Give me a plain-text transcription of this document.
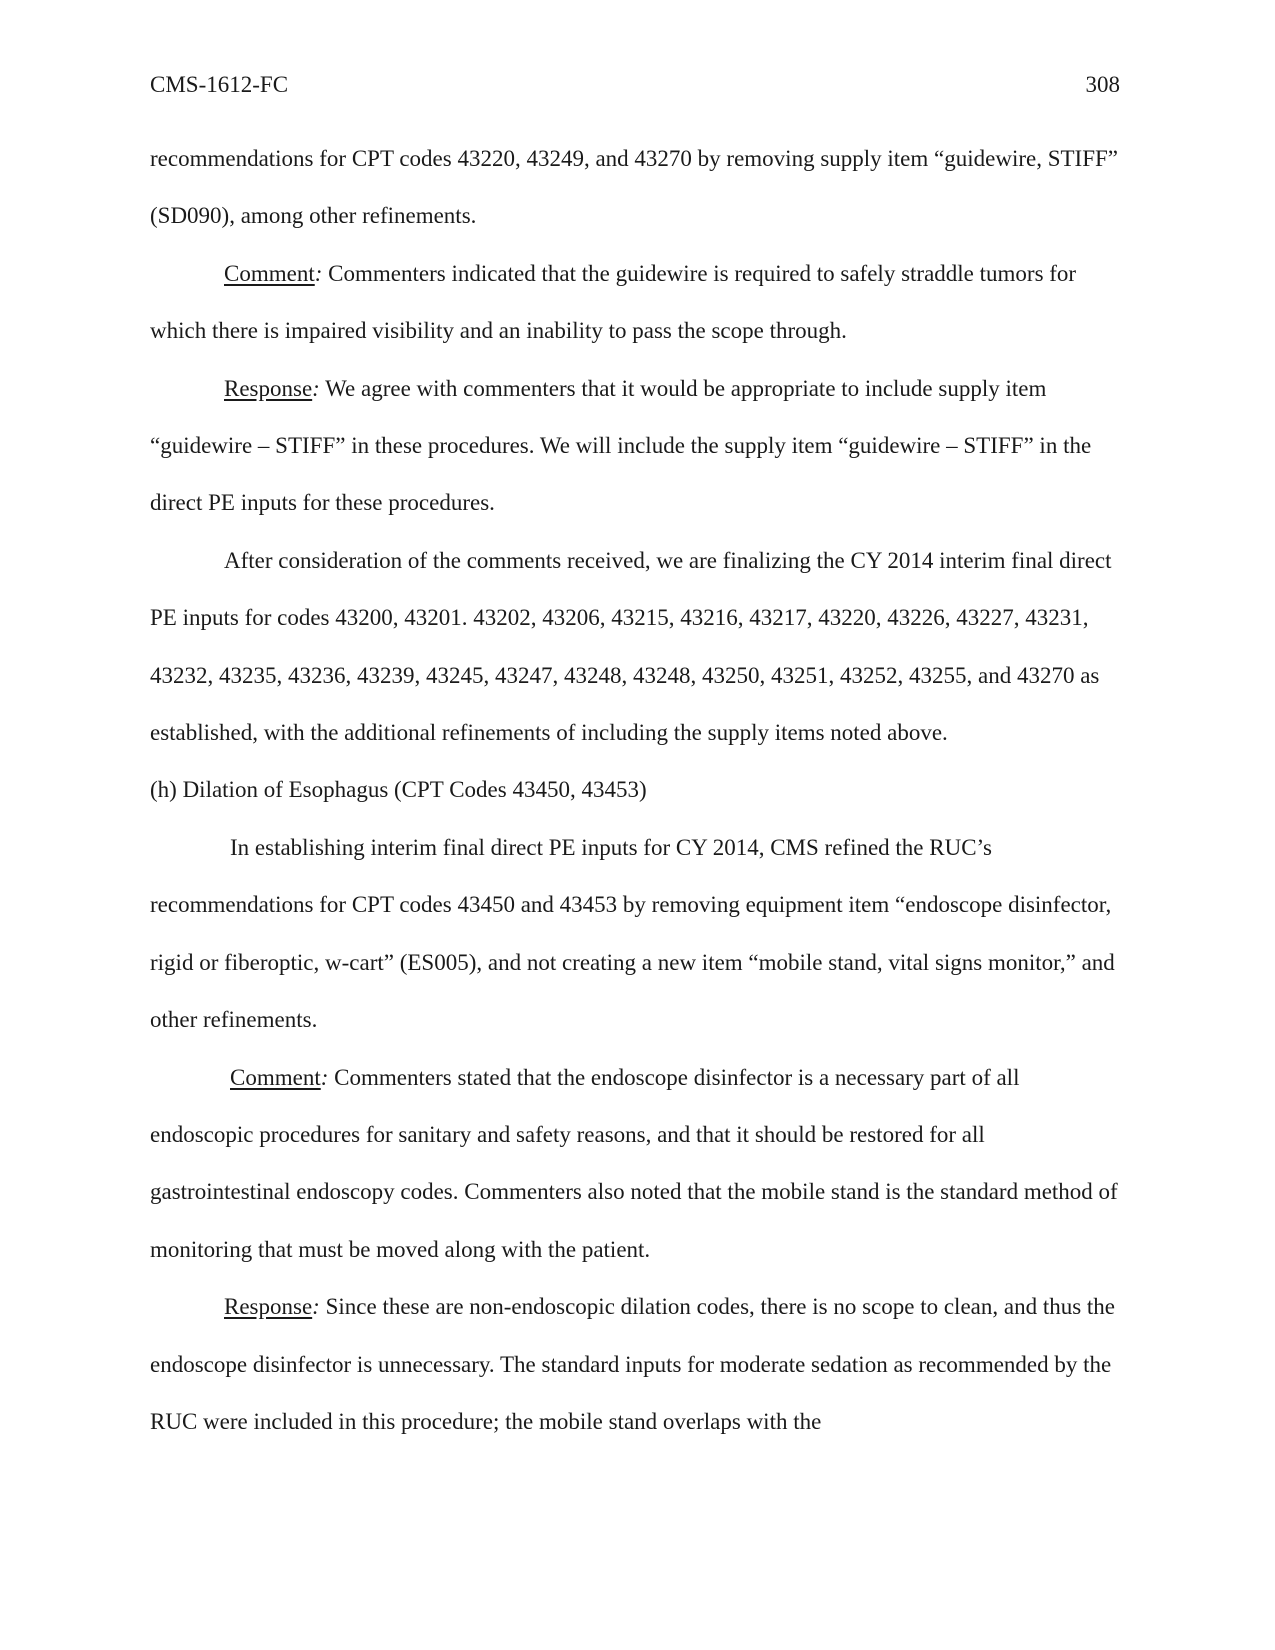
CMS-1612-FC	308

recommendations for CPT codes 43220, 43249, and 43270 by removing supply item “guidewire, STIFF” (SD090), among other refinements.

Comment: Commenters indicated that the guidewire is required to safely straddle tumors for which there is impaired visibility and an inability to pass the scope through.

Response: We agree with commenters that it would be appropriate to include supply item “guidewire – STIFF” in these procedures. We will include the supply item “guidewire – STIFF” in the direct PE inputs for these procedures.

After consideration of the comments received, we are finalizing the CY 2014 interim final direct PE inputs for codes 43200, 43201. 43202, 43206, 43215, 43216, 43217, 43220, 43226, 43227, 43231, 43232, 43235, 43236, 43239, 43245, 43247, 43248, 43248, 43250, 43251, 43252, 43255, and 43270 as established, with the additional refinements of including the supply items noted above.

(h) Dilation of Esophagus (CPT Codes 43450, 43453)

In establishing interim final direct PE inputs for CY 2014, CMS refined the RUC’s recommendations for CPT codes 43450 and 43453 by removing equipment item “endoscope disinfector, rigid or fiberoptic, w-cart” (ES005), and not creating a new item “mobile stand, vital signs monitor,” and other refinements.

Comment: Commenters stated that the endoscope disinfector is a necessary part of all endoscopic procedures for sanitary and safety reasons, and that it should be restored for all gastrointestinal endoscopy codes. Commenters also noted that the mobile stand is the standard method of monitoring that must be moved along with the patient.

Response: Since these are non-endoscopic dilation codes, there is no scope to clean, and thus the endoscope disinfector is unnecessary. The standard inputs for moderate sedation as recommended by the RUC were included in this procedure; the mobile stand overlaps with the
